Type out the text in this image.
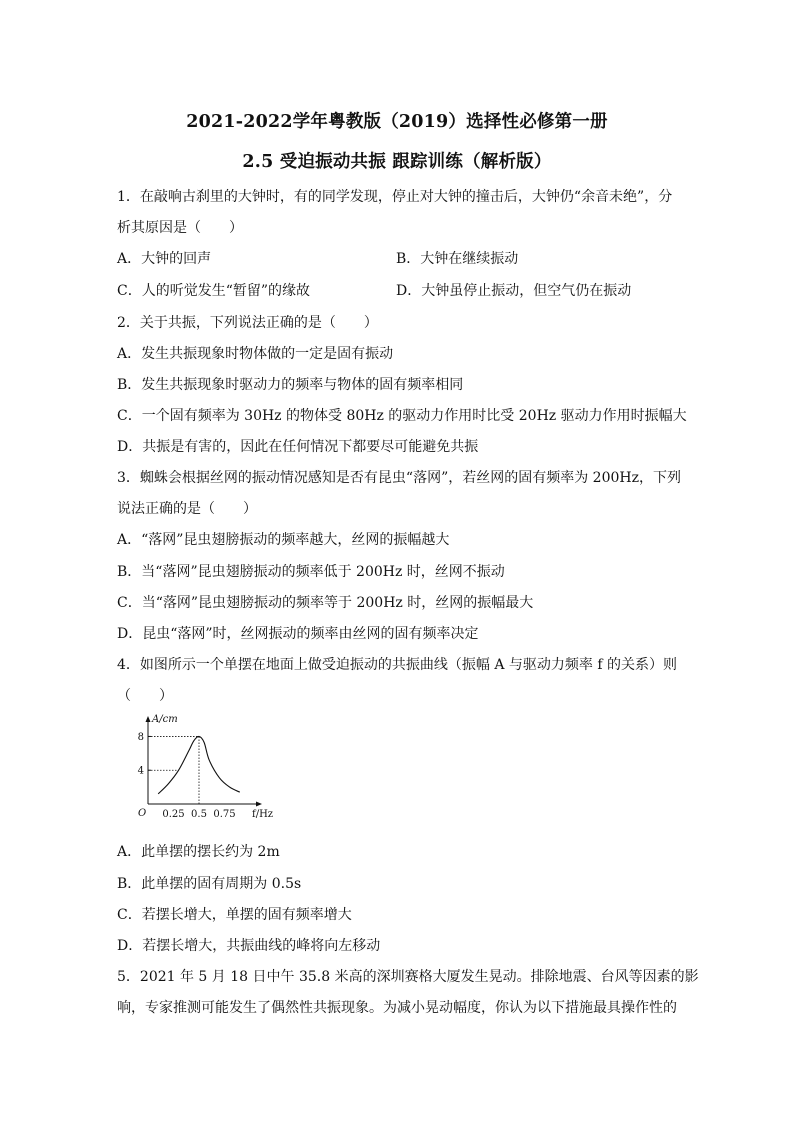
2021-2022学年粤教版（2019）选择性必修第一册
2.5 受迫振动共振 跟踪训练（解析版）
1．在敲响古刹里的大钟时，有的同学发现，停止对大钟的撞击后，大钟仍“余音未绝”，分
析其原因是（　　）
A．大钟的回声	B．大钟在继续振动
C．人的听觉发生“暂留”的缘故	D．大钟虽停止振动，但空气仍在振动
2．关于共振，下列说法正确的是（　　）
A．发生共振现象时物体做的一定是固有振动
B．发生共振现象时驱动力的频率与物体的固有频率相同
C．一个固有频率为 30Hz 的物体受 80Hz 的驱动力作用时比受 20Hz 驱动力作用时振幅大
D．共振是有害的，因此在任何情况下都要尽可能避免共振
3．蜘蛛会根据丝网的振动情况感知是否有昆虫“落网”，若丝网的固有频率为 200Hz，下列
说法正确的是（　　）
A．“落网”昆虫翅膀振动的频率越大，丝网的振幅越大
B．当“落网”昆虫翅膀振动的频率低于 200Hz 时，丝网不振动
C．当“落网”昆虫翅膀振动的频率等于 200Hz 时，丝网的振幅最大
D．昆虫“落网”时，丝网振动的频率由丝网的固有频率决定
4．如图所示一个单摆在地面上做受迫振动的共振曲线（振幅 A 与驱动力频率 f 的关系）则
（　　）
4
8
0.25 0.5 0.75
A/cm
f/Hz
O
A．此单摆的摆长约为 2m
B．此单摆的固有周期为 0.5s
C．若摆长增大，单摆的固有频率增大
D．若摆长增大，共振曲线的峰将向左移动
5．2021 年 5 月 18 日中午 35.8 米高的深圳赛格大厦发生晃动。排除地震、台风等因素的影
响，专家推测可能发生了偶然性共振现象。为减小晃动幅度，你认为以下措施最具操作性的
